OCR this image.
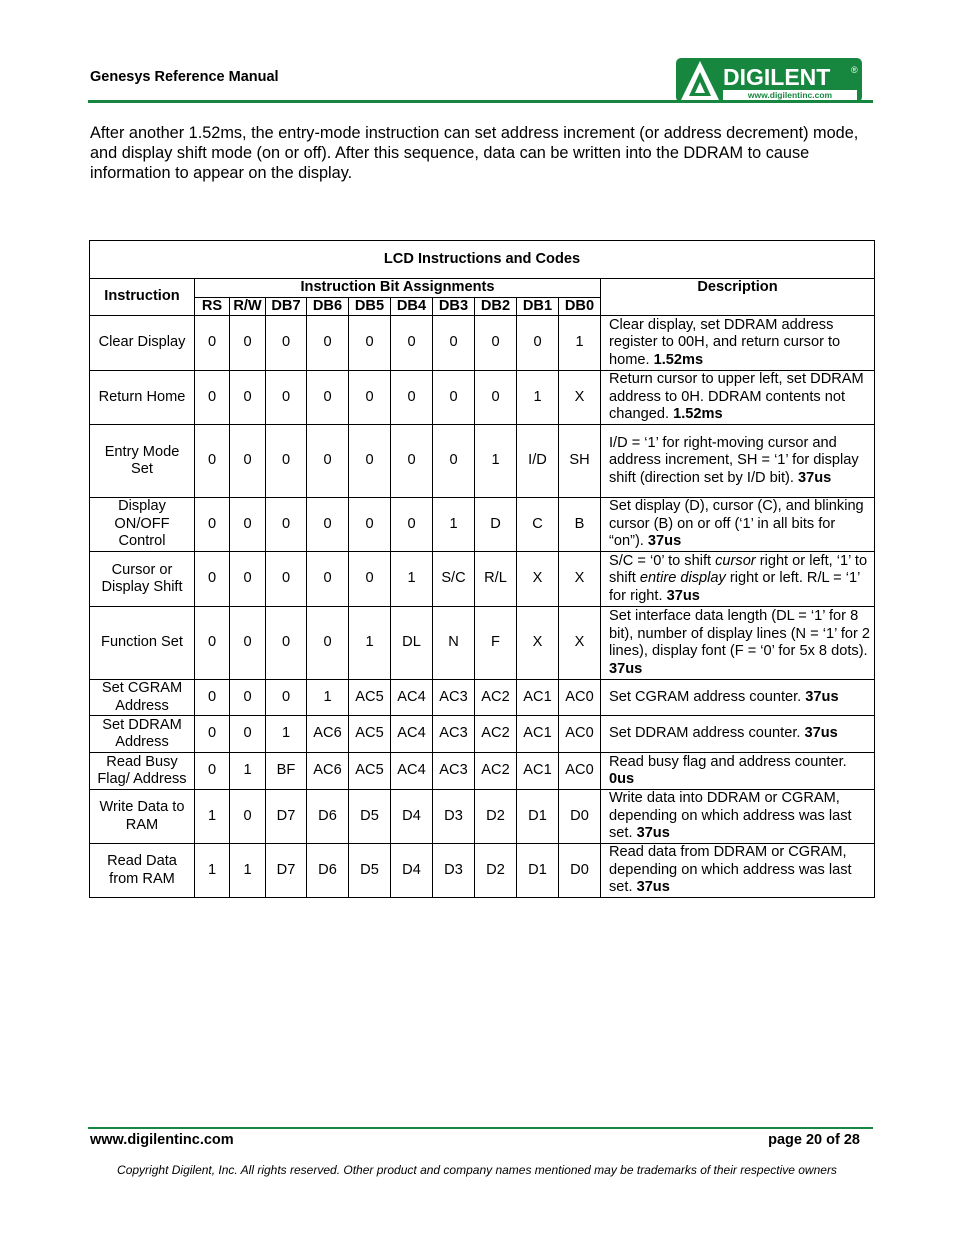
Genesys Reference Manual	DIGILENT ®
www.digilentinc.com

After another 1.52ms, the entry-mode instruction can set address increment (or address decrement) mode, and display shift mode (on or off). After this sequence, data can be written into the DDRAM to cause information to appear on the display.

LCD Instructions and Codes											
Instruction	Instruction Bit Assignments										Description
	RS	R/W	DB7	DB6	DB5	DB4	DB3	DB2	DB1	DB0	
Clear Display	0	0	0	0	0	0	0	0	0	1	Clear display, set DDRAM address register to 00H, and return cursor to home. 1.52ms
Return Home	0	0	0	0	0	0	0	0	1	X	Return cursor to upper left, set DDRAM address to 0H. DDRAM contents not changed. 1.52ms
Entry Mode Set	0	0	0	0	0	0	0	1	I/D	SH	I/D = ‘1’ for right-moving cursor and address increment, SH = ‘1’ for display shift (direction set by I/D bit). 37us
Display ON/OFF Control	0	0	0	0	0	0	1	D	C	B	Set display (D), cursor (C), and blinking cursor (B) on or off (‘1’ in all bits for “on”). 37us
Cursor or Display Shift	0	0	0	0	0	1	S/C	R/L	X	X	S/C = ‘0’ to shift cursor right or left, ‘1’ to shift entire display right or left. R/L = ‘1’ for right. 37us
Function Set	0	0	0	0	1	DL	N	F	X	X	Set interface data length (DL = ‘1’ for 8 bit), number of display lines (N = ‘1’ for 2 lines), display font (F = ‘0’ for 5x 8 dots). 37us
Set CGRAM Address	0	0	0	1	AC5	AC4	AC3	AC2	AC1	AC0	Set CGRAM address counter. 37us
Set DDRAM Address	0	0	1	AC6	AC5	AC4	AC3	AC2	AC1	AC0	Set DDRAM address counter. 37us
Read Busy Flag/ Address	0	1	BF	AC6	AC5	AC4	AC3	AC2	AC1	AC0	Read busy flag and address counter. 0us
Write Data to RAM	1	0	D7	D6	D5	D4	D3	D2	D1	D0	Write data into DDRAM or CGRAM, depending on which address was last set. 37us
Read Data from RAM	1	1	D7	D6	D5	D4	D3	D2	D1	D0	Read data from DDRAM or CGRAM, depending on which address was last set. 37us
www.digilentinc.com	page 20 of 28
Copyright Digilent, Inc. All rights reserved. Other product and company names mentioned may be trademarks of their respective owners
